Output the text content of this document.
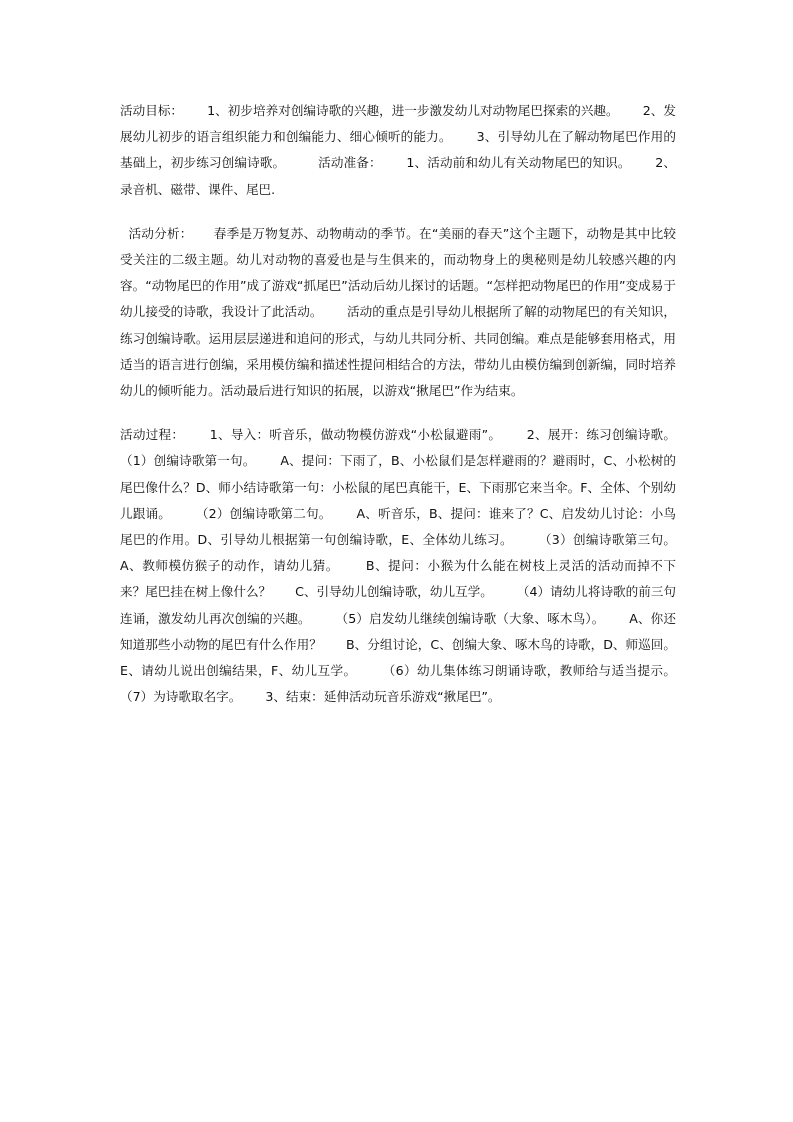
活动目标：      1、初步培养对创编诗歌的兴趣，进一步激发幼儿对动物尾巴探索的兴趣。      2、发展幼儿初步的语言组织能力和创编能力、细心倾听的能力。      3、引导幼儿在了解动物尾巴作用的基础上，初步练习创编诗歌。        活动准备：      1、活动前和幼儿有关动物尾巴的知识。      2、录音机、磁带、课件、尾巴.

活动分析：     春季是万物复苏、动物萌动的季节。在“美丽的春天”这个主题下，动物是其中比较受关注的二级主题。幼儿对动物的喜爱也是与生俱来的，而动物身上的奥秘则是幼儿较感兴趣的内容。“动物尾巴的作用”成了游戏“抓尾巴”活动后幼儿探讨的话题。“怎样把动物尾巴的作用”变成易于幼儿接受的诗歌，我设计了此活动。      活动的重点是引导幼儿根据所了解的动物尾巴的有关知识，练习创编诗歌。运用层层递进和追问的形式，与幼儿共同分析、共同创编。难点是能够套用格式，用适当的语言进行创编，采用模仿编和描述性提问相结合的方法，带幼儿由模仿编到创新编，同时培养幼儿的倾听能力。活动最后进行知识的拓展，以游戏“揪尾巴”作为结束。

活动过程：      1、导入：听音乐，做动物模仿游戏“小松鼠避雨”。      2、展开：练习创编诗歌。      （1）创编诗歌第一句。      A、提问：下雨了，B、小松鼠们是怎样避雨的？避雨时，C、小松树的尾巴像什么？D、师小结诗歌第一句：小松鼠的尾巴真能干，E、下雨那它来当伞。F、全体、个别幼儿跟诵。      （2）创编诗歌第二句。      A、听音乐，B、提问：谁来了？C、启发幼儿讨论：小鸟尾巴的作用。D、引导幼儿根据第一句创编诗歌，E、全体幼儿练习。      （3）创编诗歌第三句。      A、教师模仿猴子的动作，请幼儿猜。      B、提问：小猴为什么能在树枝上灵活的活动而掉不下来？尾巴挂在树上像什么？      C、引导幼儿创编诗歌，幼儿互学。      （4）请幼儿将诗歌的前三句连诵，激发幼儿再次创编的兴趣。      （5）启发幼儿继续创编诗歌（大象、啄木鸟）。      A、你还知道那些小动物的尾巴有什么作用？      B、分组讨论，C、创编大象、啄木鸟的诗歌，D、师巡回。E、请幼儿说出创编结果，F、幼儿互学。      （6）幼儿集体练习朗诵诗歌，教师给与适当提示。      （7）为诗歌取名字。      3、结束：延伸活动玩音乐游戏“揪尾巴”。
